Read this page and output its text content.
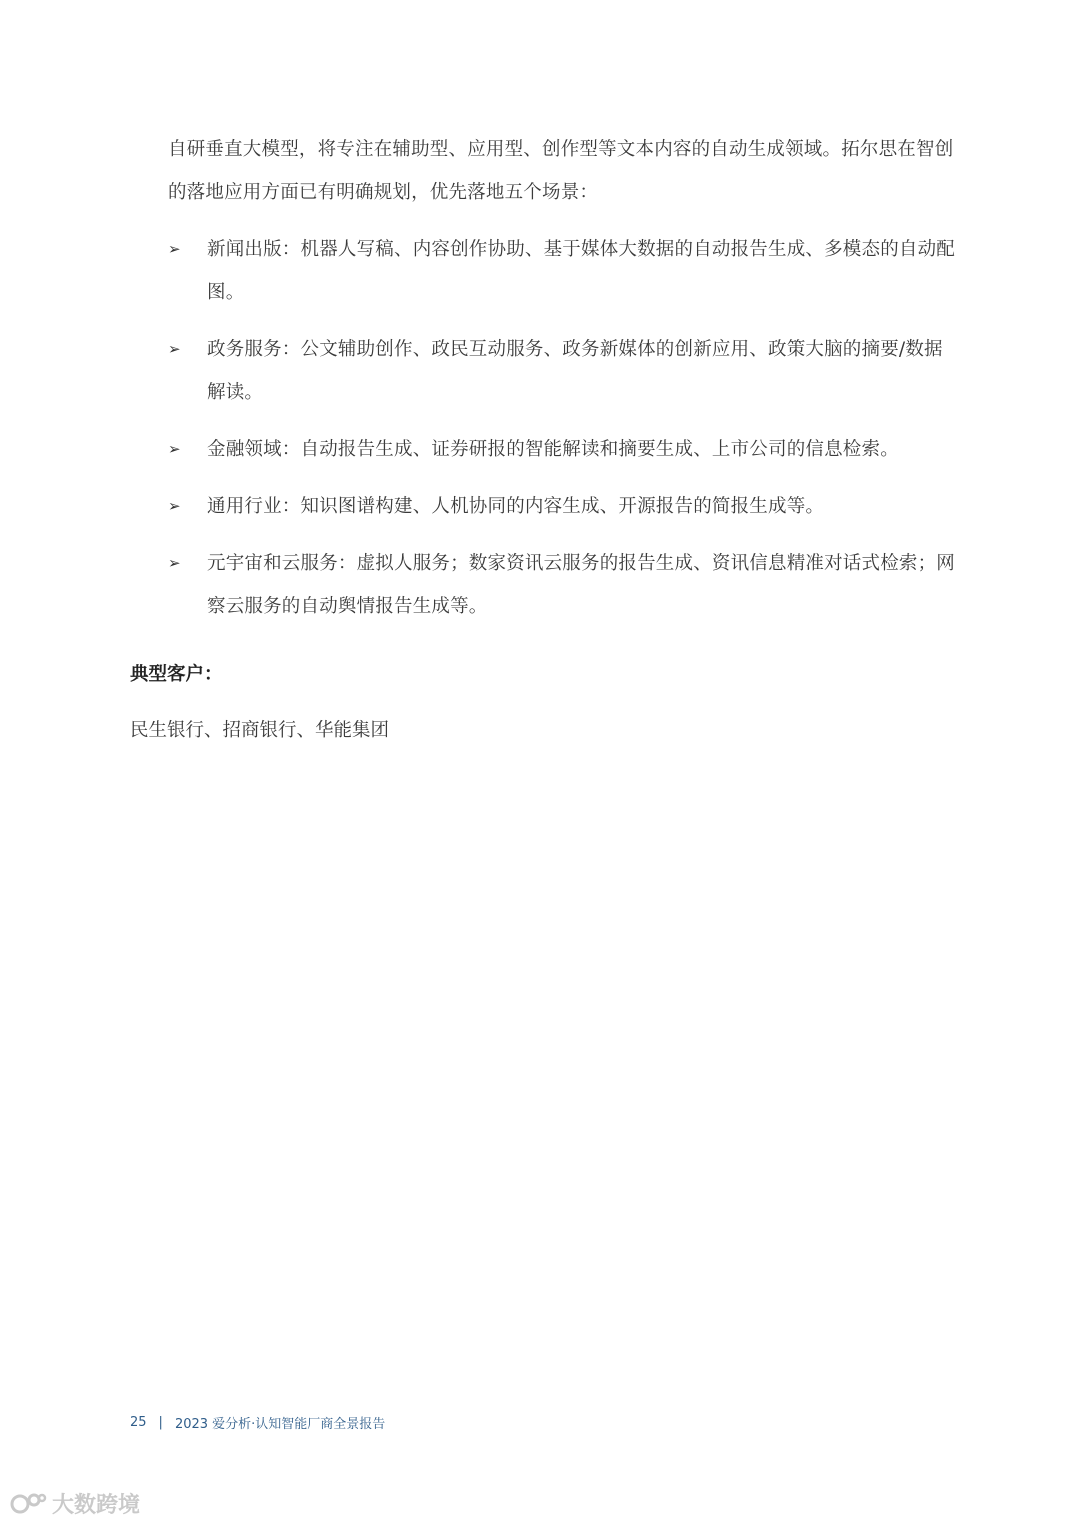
自研垂直大模型，将专注在辅助型、应用型、创作型等文本内容的自动生成领域。拓尔思在智创的落地应用方面已有明确规划，优先落地五个场景：

➢	新闻出版：机器人写稿、内容创作协助、基于媒体大数据的自动报告生成、多模态的自动配图。
➢	政务服务：公文辅助创作、政民互动服务、政务新媒体的创新应用、政策大脑的摘要/数据解读。
➢	金融领域：自动报告生成、证券研报的智能解读和摘要生成、上市公司的信息检索。
➢	通用行业：知识图谱构建、人机协同的内容生成、开源报告的简报生成等。
➢	元宇宙和云服务：虚拟人服务；数家资讯云服务的报告生成、资讯信息精准对话式检索；网察云服务的自动舆情报告生成等。
典型客户：

民生银行、招商银行、华能集团

25 | 2023 爱分析·认知智能厂商全景报告
大数跨境
